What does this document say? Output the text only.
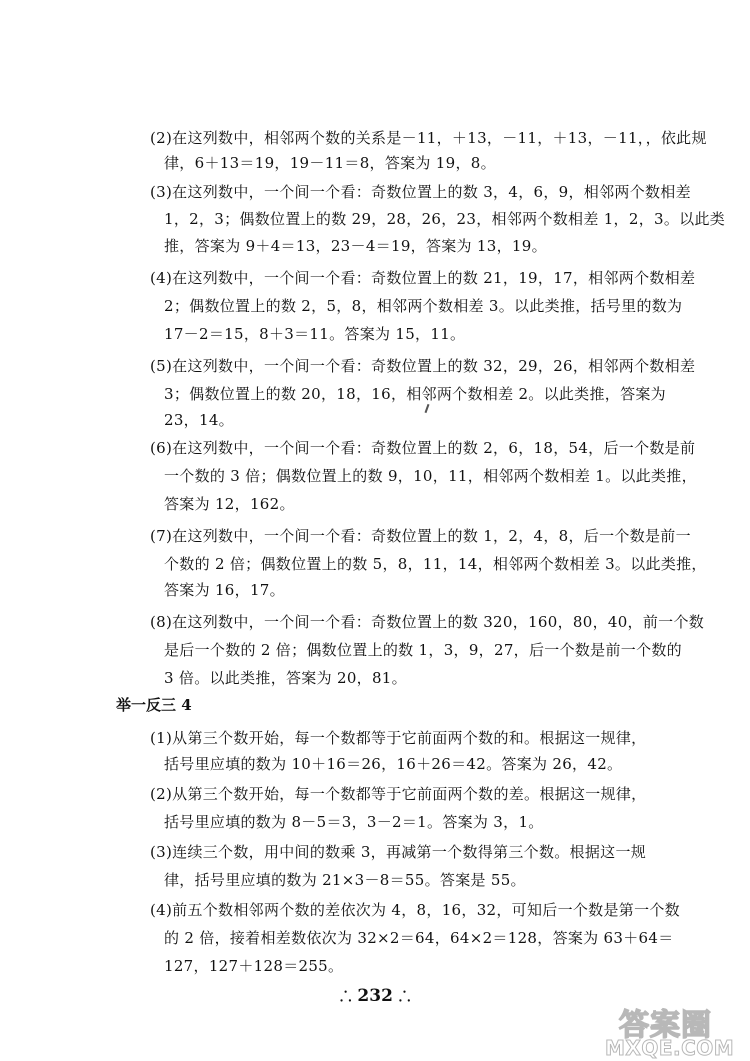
(2)在这列数中，相邻两个数的关系是－11，＋13，－11，＋13，－11，，依此规
律，6＋13＝19，19－11＝8，答案为 19，8。
(3)在这列数中，一个间一个看：奇数位置上的数 3，4，6，9，相邻两个数相差
1，2，3；偶数位置上的数 29，28，26，23，相邻两个数相差 1，2，3。以此类
推，答案为 9＋4＝13，23－4＝19，答案为 13，19。
(4)在这列数中，一个间一个看：奇数位置上的数 21，19，17，相邻两个数相差
2；偶数位置上的数 2，5，8，相邻两个数相差 3。以此类推，括号里的数为
17－2＝15，8＋3＝11。答案为 15，11。
(5)在这列数中，一个间一个看：奇数位置上的数 32，29，26，相邻两个数相差
3；偶数位置上的数 20，18，16，相邻两个数相差 2。以此类推，答案为
23，14。
(6)在这列数中，一个间一个看：奇数位置上的数 2，6，18，54，后一个数是前
一个数的 3 倍；偶数位置上的数 9，10，11，相邻两个数相差 1。以此类推，
答案为 12，162。
(7)在这列数中，一个间一个看：奇数位置上的数 1，2，4，8，后一个数是前一
个数的 2 倍；偶数位置上的数 5，8，11，14，相邻两个数相差 3。以此类推，
答案为 16，17。
(8)在这列数中，一个间一个看：奇数位置上的数 320，160，80，40，前一个数
是后一个数的 2 倍；偶数位置上的数 1，3，9，27，后一个数是前一个数的
3 倍。以此类推，答案为 20，81。
举一反三 4
(1)从第三个数开始，每一个数都等于它前面两个数的和。根据这一规律，
括号里应填的数为 10＋16＝26，16＋26＝42。答案为 26，42。
(2)从第三个数开始，每一个数都等于它前面两个数的差。根据这一规律，
括号里应填的数为 8－5＝3，3－2＝1。答案为 3，1。
(3)连续三个数，用中间的数乘 3，再减第一个数得第三个数。根据这一规
律，括号里应填的数为 21×3－8＝55。答案是 55。
(4)前五个数相邻两个数的差依次为 4，8，16，32，可知后一个数是第一个数
的 2 倍，接着相差数依次为 32×2＝64，64×2＝128，答案为 63＋64＝
127，127＋128＝255。
⸫ 232 ⸫
答案圈
MXQE.COM
